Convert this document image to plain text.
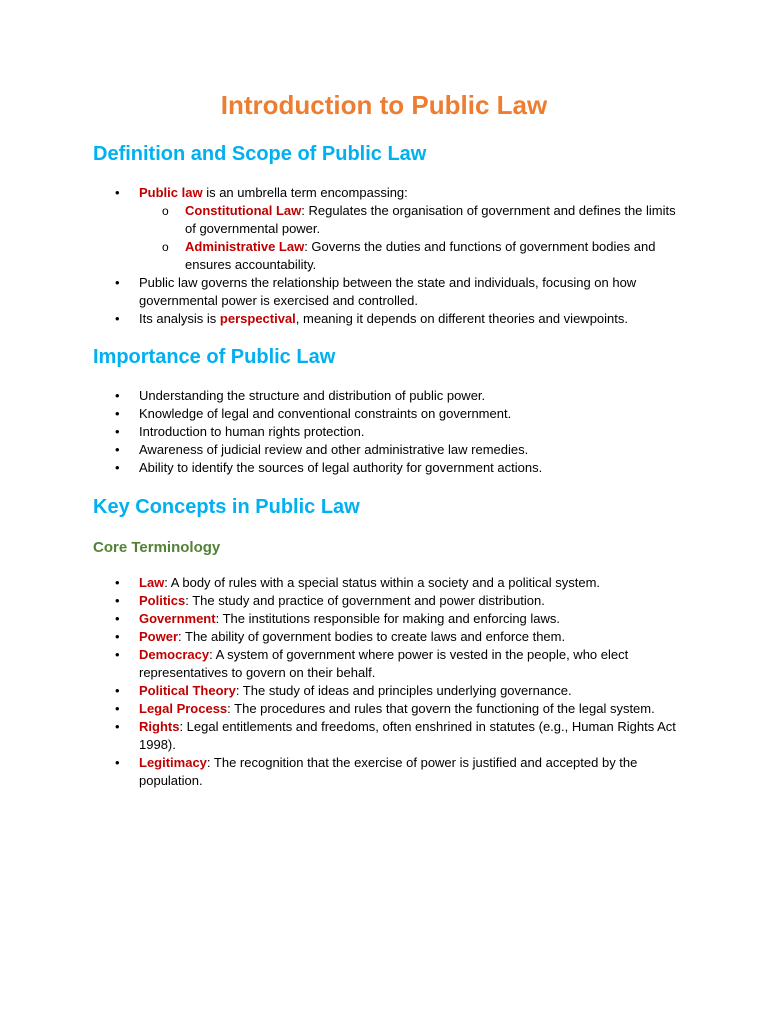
Introduction to Public Law
Definition and Scope of Public Law
• Public law is an umbrella term encompassing:
o Constitutional Law: Regulates the organisation of government and defines the limits of governmental power.
o Administrative Law: Governs the duties and functions of government bodies and ensures accountability.
• Public law governs the relationship between the state and individuals, focusing on how governmental power is exercised and controlled.
• Its analysis is perspectival, meaning it depends on different theories and viewpoints.
Importance of Public Law
• Understanding the structure and distribution of public power.
• Knowledge of legal and conventional constraints on government.
• Introduction to human rights protection.
• Awareness of judicial review and other administrative law remedies.
• Ability to identify the sources of legal authority for government actions.
Key Concepts in Public Law
Core Terminology
• Law: A body of rules with a special status within a society and a political system.
• Politics: The study and practice of government and power distribution.
• Government: The institutions responsible for making and enforcing laws.
• Power: The ability of government bodies to create laws and enforce them.
• Democracy: A system of government where power is vested in the people, who elect representatives to govern on their behalf.
• Political Theory: The study of ideas and principles underlying governance.
• Legal Process: The procedures and rules that govern the functioning of the legal system.
• Rights: Legal entitlements and freedoms, often enshrined in statutes (e.g., Human Rights Act 1998).
• Legitimacy: The recognition that the exercise of power is justified and accepted by the population.
